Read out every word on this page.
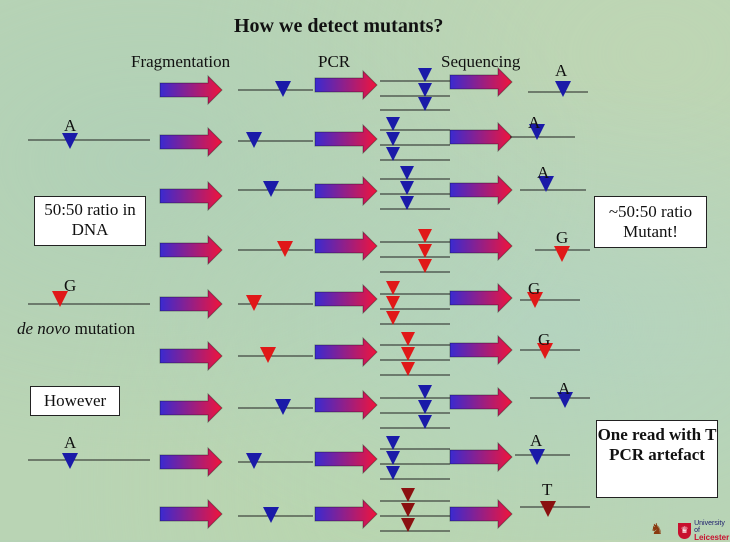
How we detect mutants?
Fragmentation	PCR	Sequencing
50:50 ratio in DNA
~50:50 ratio Mutant!
However
One read with T PCR artefact
de novo mutation
A
A	A
A
G
G	G
G
A
A	A
T
♛
University of
Leicester
♞
